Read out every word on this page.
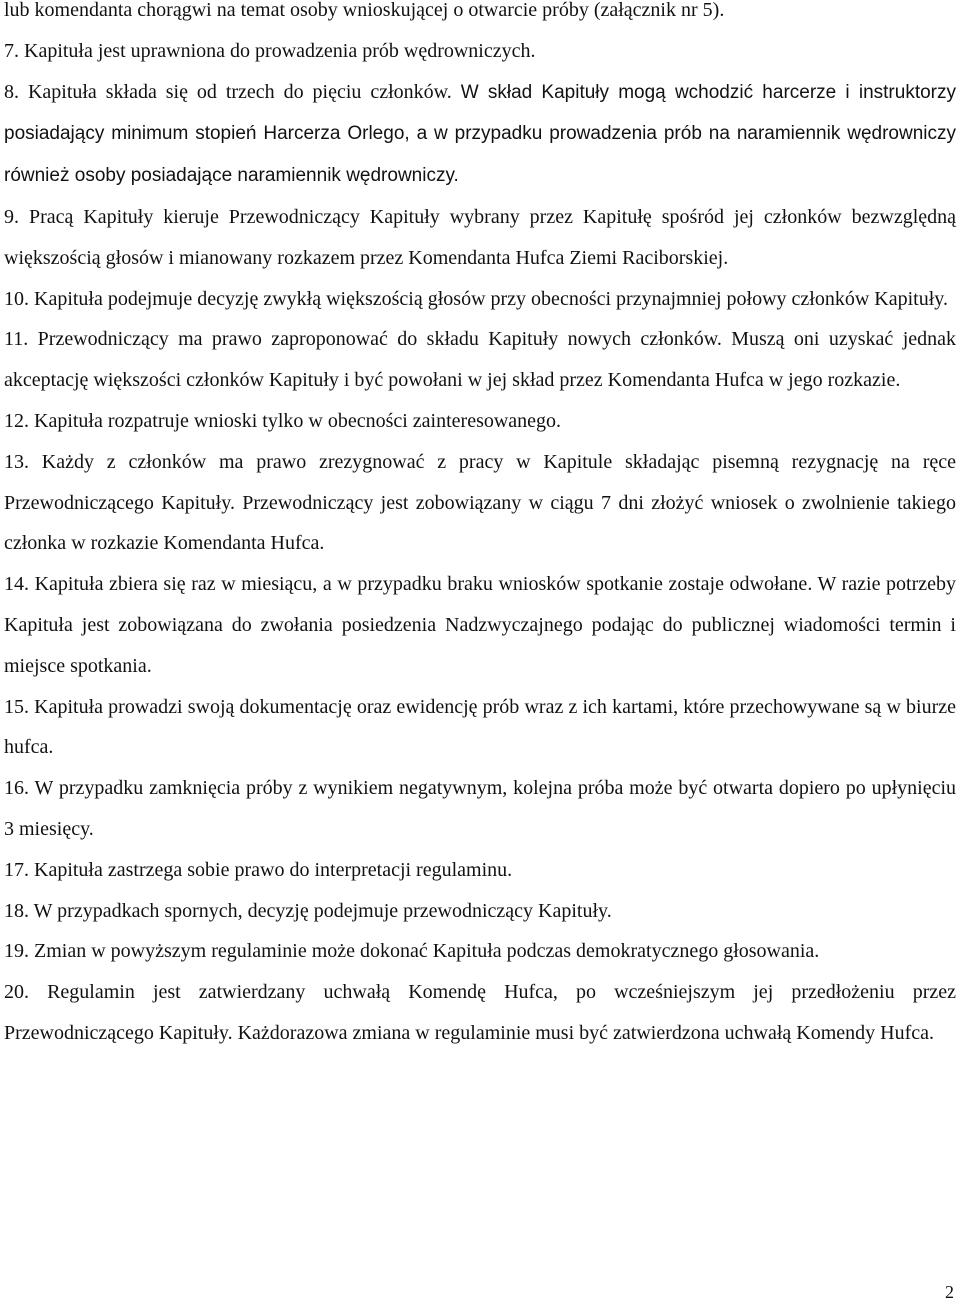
lub komendanta chorągwi na temat osoby wnioskującej o otwarcie próby (załącznik nr 5).

7. Kapituła jest uprawniona do prowadzenia prób wędrowniczych.

8. Kapituła składa się od trzech do pięciu członków. W skład Kapituły mogą wchodzić harcerze i instruktorzy posiadający minimum stopień Harcerza Orlego, a w przypadku prowadzenia prób na naramiennik wędrowniczy również osoby posiadające naramiennik wędrowniczy.

9. Pracą Kapituły kieruje Przewodniczący Kapituły wybrany przez Kapitułę spośród jej członków bezwzględną większością głosów i mianowany rozkazem przez Komendanta Hufca Ziemi Raciborskiej.

10. Kapituła podejmuje decyzję zwykłą większością głosów przy obecności przynajmniej połowy członków Kapituły.

11. Przewodniczący ma prawo zaproponować do składu Kapituły nowych członków. Muszą oni uzyskać jednak akceptację większości członków Kapituły i być powołani w jej skład przez Komendanta Hufca w jego rozkazie.

12. Kapituła rozpatruje wnioski tylko w obecności zainteresowanego.

13. Każdy z członków ma prawo zrezygnować z pracy w Kapitule składając pisemną rezygnację na ręce Przewodniczącego Kapituły. Przewodniczący jest zobowiązany w ciągu 7 dni złożyć wniosek o zwolnienie takiego członka w rozkazie Komendanta Hufca.

14. Kapituła zbiera się raz w miesiącu, a w przypadku braku wniosków spotkanie zostaje odwołane. W razie potrzeby Kapituła jest zobowiązana do zwołania posiedzenia Nadzwyczajnego podając do publicznej wiadomości termin i miejsce spotkania.

15. Kapituła prowadzi swoją dokumentację oraz ewidencję prób wraz z ich kartami, które przechowywane są w biurze hufca.

16. W przypadku zamknięcia próby z wynikiem negatywnym, kolejna próba może być otwarta dopiero po upłynięciu 3 miesięcy.

17. Kapituła zastrzega sobie prawo do interpretacji regulaminu.

18. W przypadkach spornych, decyzję podejmuje przewodniczący Kapituły.

19. Zmian w powyższym regulaminie może dokonać Kapituła podczas demokratycznego głosowania.

20. Regulamin jest zatwierdzany uchwałą Komendę Hufca, po wcześniejszym jej przedłożeniu przez Przewodniczącego Kapituły. Każdorazowa zmiana w regulaminie musi być zatwierdzona uchwałą Komendy Hufca.

2
